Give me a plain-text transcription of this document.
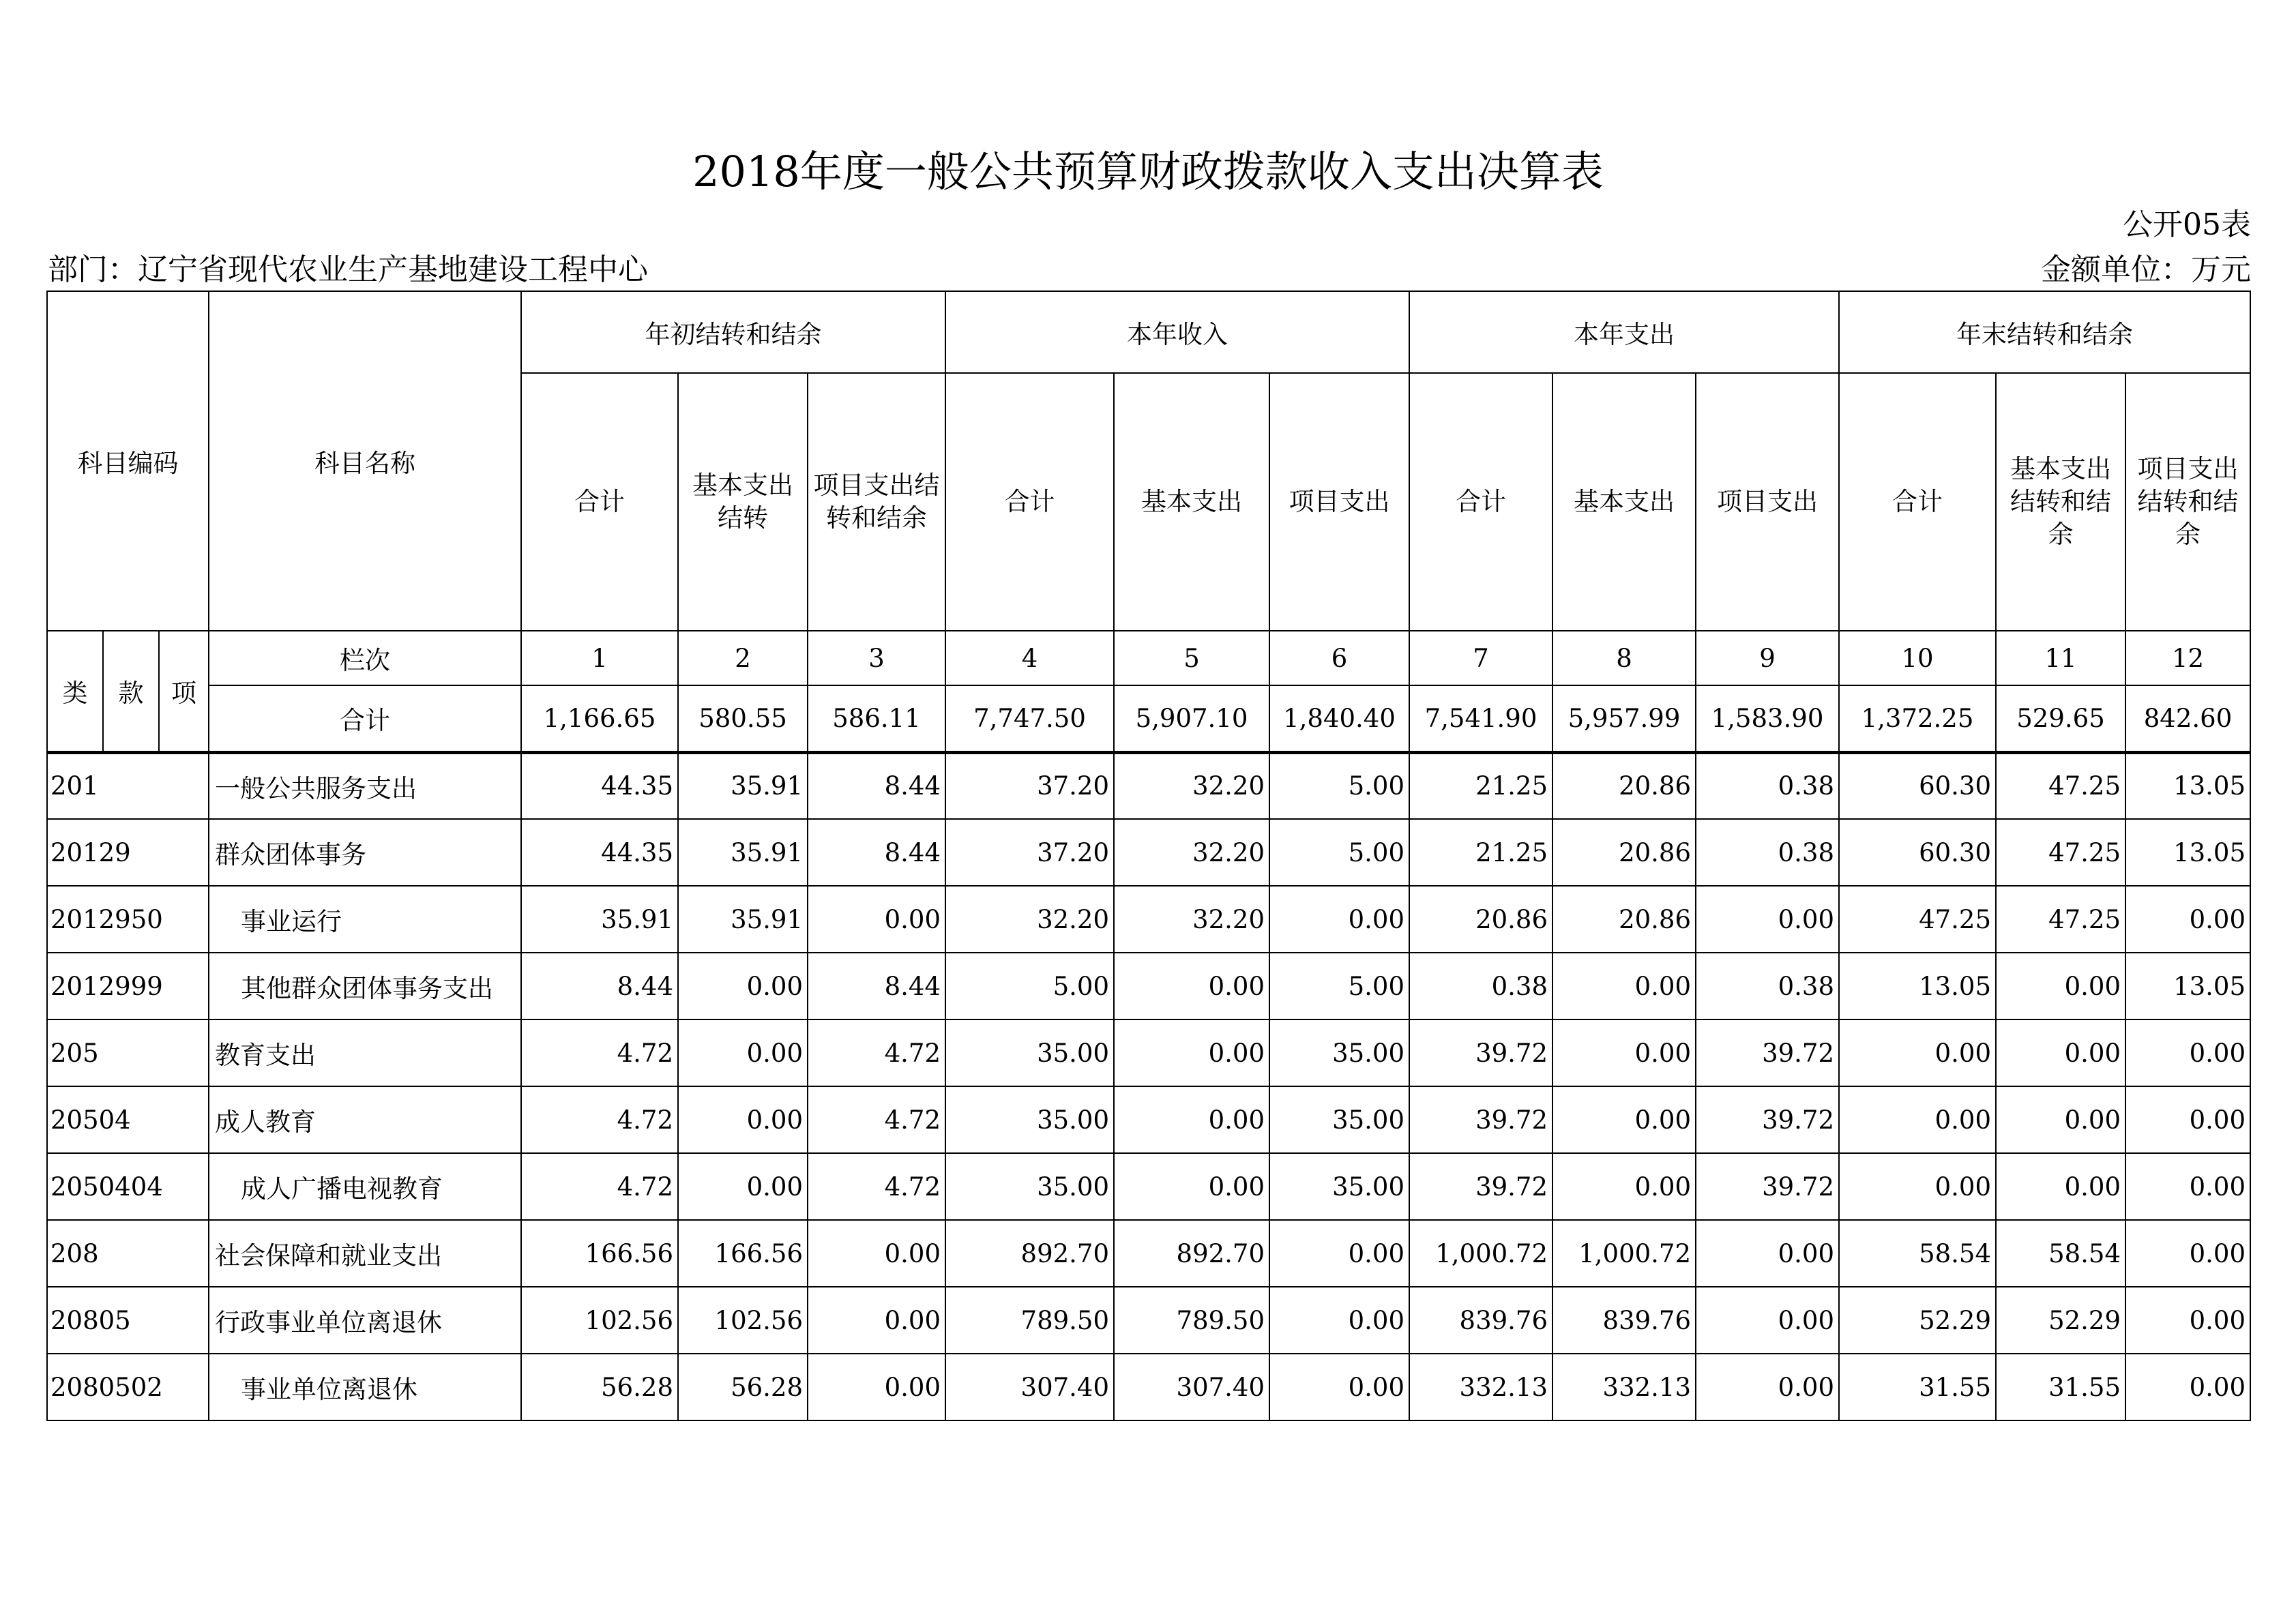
2018年度一般公共预算财政拨款收入支出决算表
公开05表
部门：辽宁省现代农业生产基地建设工程中心	金额单位：万元
科目编码			科目名称	年初结转和结余			本年收入			本年支出			年末结转和结余		
				合计	基本支出结转	项目支出结转和结余	合计	基本支出	项目支出	合计	基本支出	项目支出	合计	基本支出结转和结余	项目支出结转和结余
类	款	项	栏次	1	2	3	4	5	6	7	8	9	10	11	12
			合计	1,166.65	580.55	586.11	7,747.50	5,907.10	1,840.40	7,541.90	5,957.99	1,583.90	1,372.25	529.65	842.60
201			一般公共服务支出	44.35	35.91	8.44	37.20	32.20	5.00	21.25	20.86	0.38	60.30	47.25	13.05
20129			群众团体事务	44.35	35.91	8.44	37.20	32.20	5.00	21.25	20.86	0.38	60.30	47.25	13.05
2012950			事业运行	35.91	35.91	0.00	32.20	32.20	0.00	20.86	20.86	0.00	47.25	47.25	0.00
2012999			其他群众团体事务支出	8.44	0.00	8.44	5.00	0.00	5.00	0.38	0.00	0.38	13.05	0.00	13.05
205			教育支出	4.72	0.00	4.72	35.00	0.00	35.00	39.72	0.00	39.72	0.00	0.00	0.00
20504			成人教育	4.72	0.00	4.72	35.00	0.00	35.00	39.72	0.00	39.72	0.00	0.00	0.00
2050404			成人广播电视教育	4.72	0.00	4.72	35.00	0.00	35.00	39.72	0.00	39.72	0.00	0.00	0.00
208			社会保障和就业支出	166.56	166.56	0.00	892.70	892.70	0.00	1,000.72	1,000.72	0.00	58.54	58.54	0.00
20805			行政事业单位离退休	102.56	102.56	0.00	789.50	789.50	0.00	839.76	839.76	0.00	52.29	52.29	0.00
2080502			事业单位离退休	56.28	56.28	0.00	307.40	307.40	0.00	332.13	332.13	0.00	31.55	31.55	0.00
